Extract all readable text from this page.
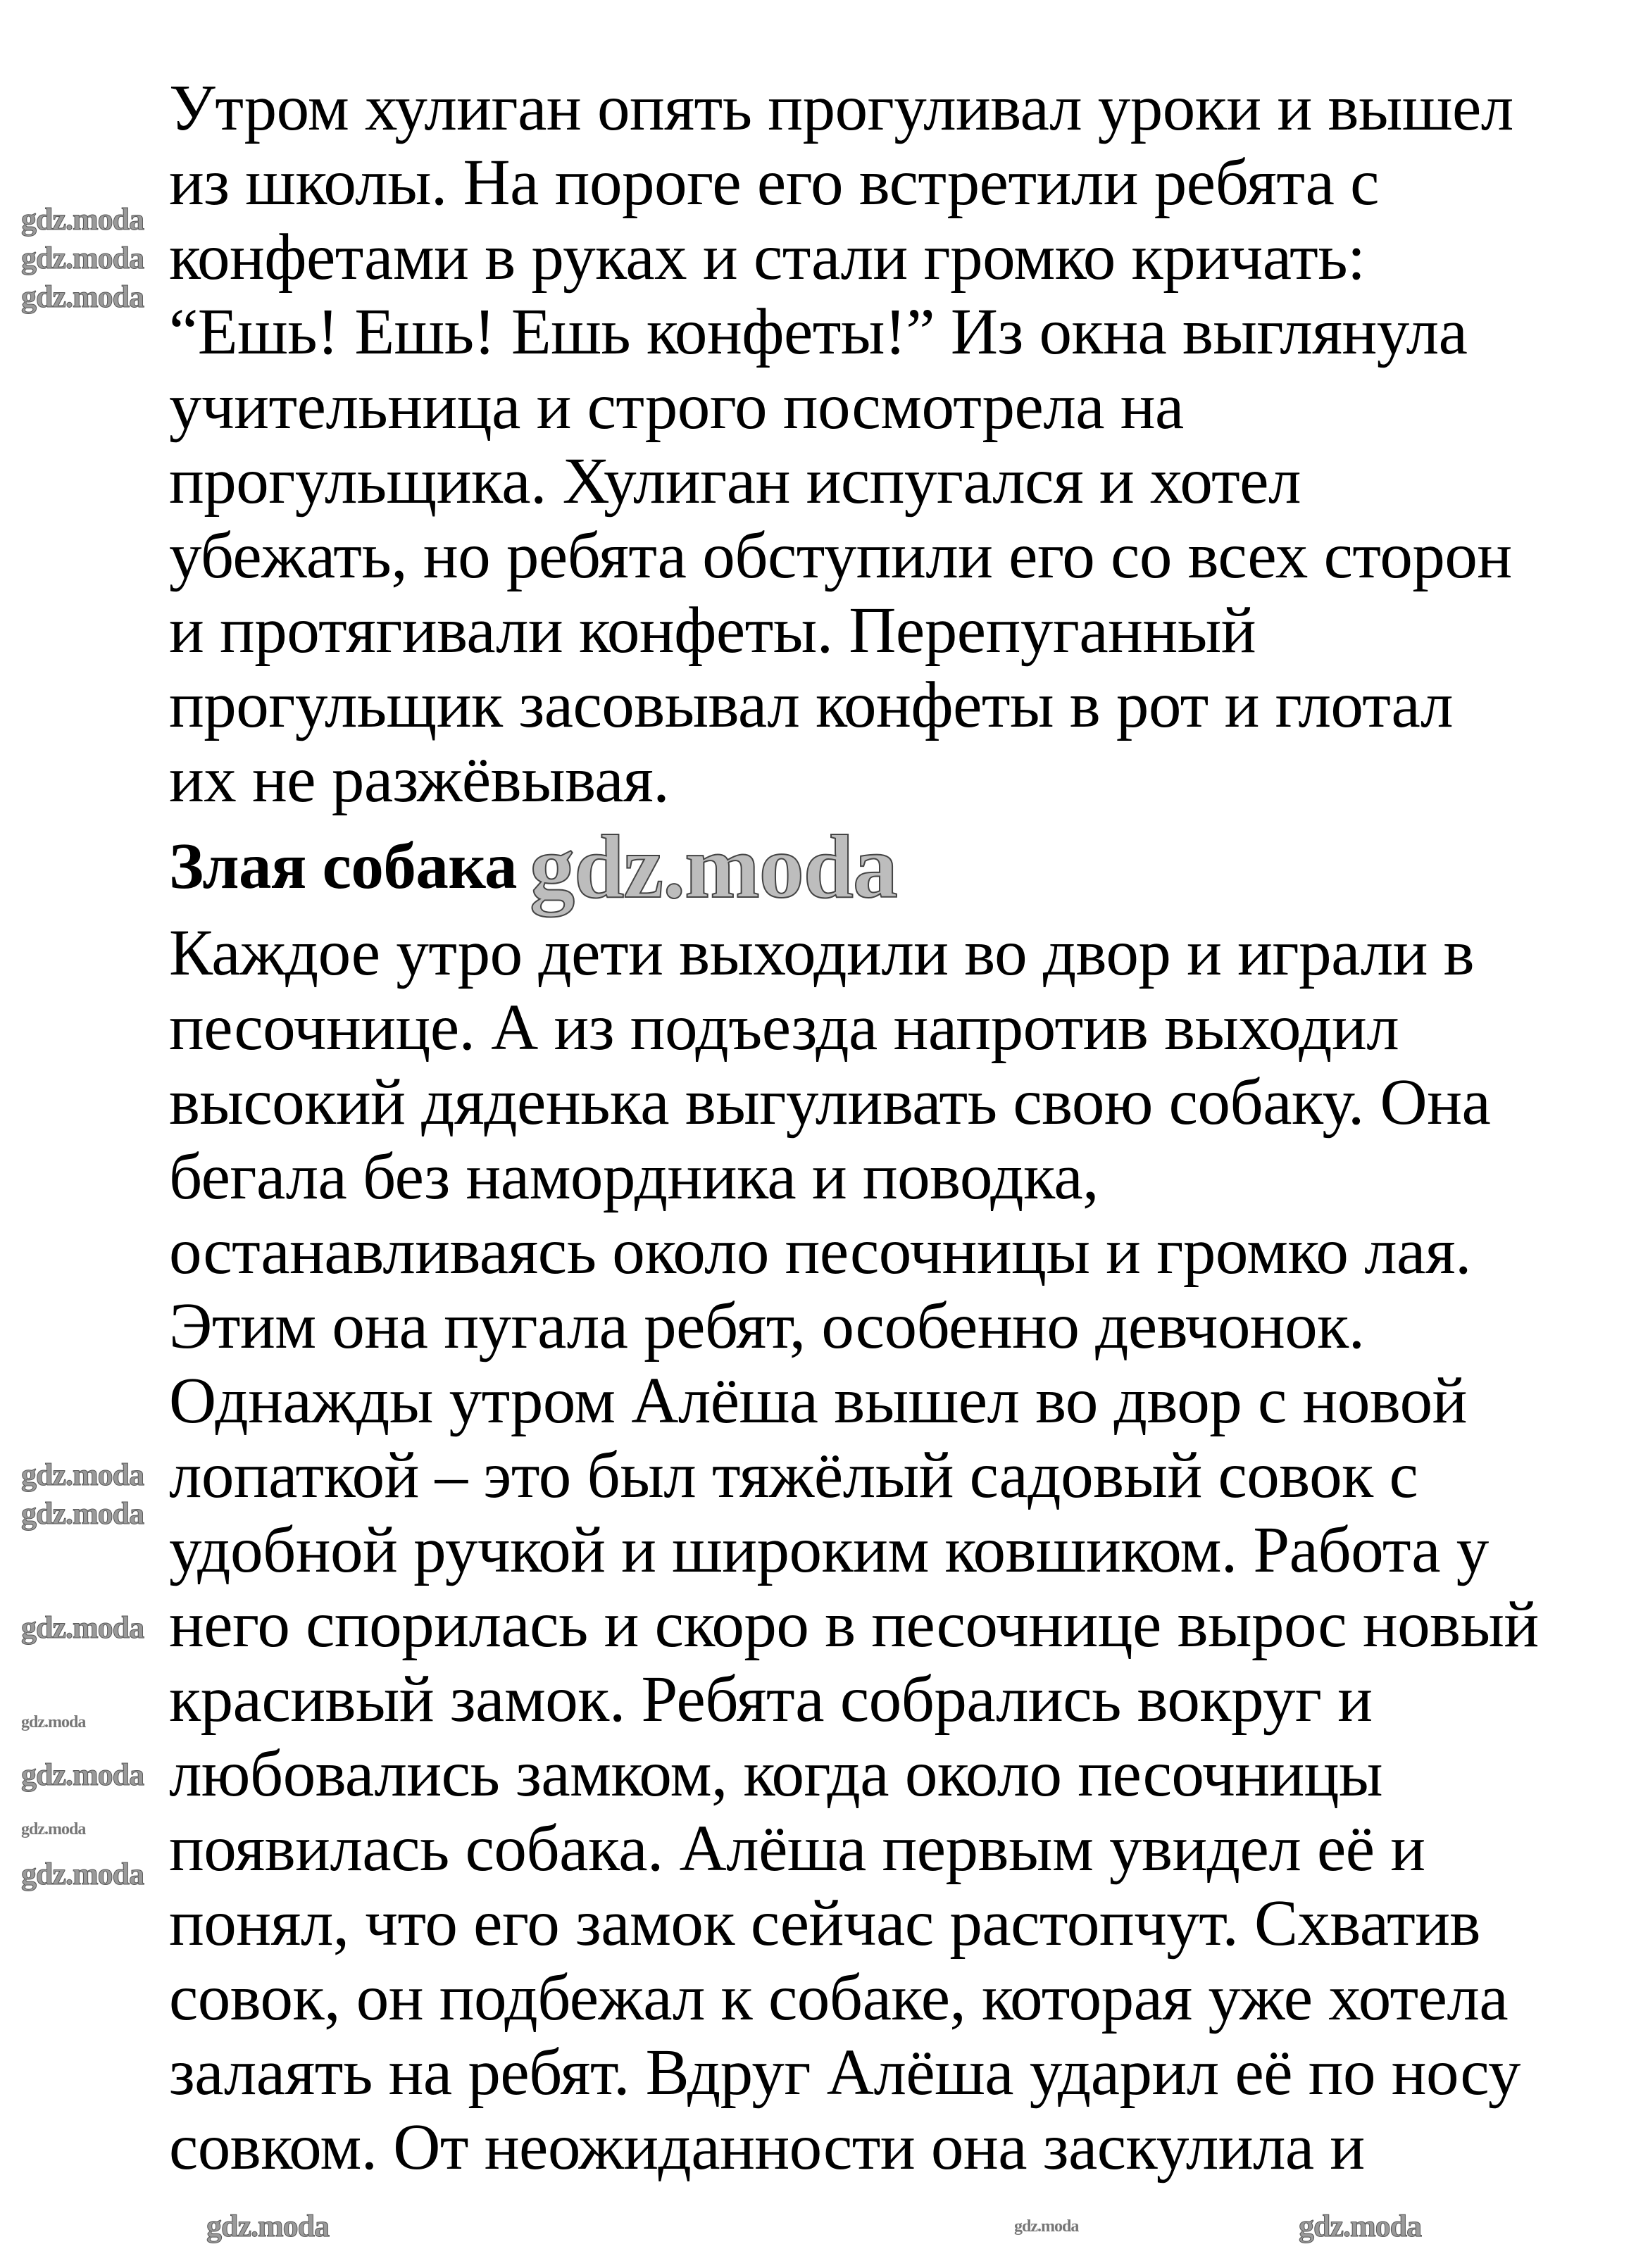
Утром хулиган опять прогуливал уроки и вышел
из школы. На пороге его встретили ребята с
конфетами в руках и стали громко кричать:
“Ешь! Ешь! Ешь конфеты!” Из окна выглянула
учительница и строго посмотрела на
прогульщика. Хулиган испугался и хотел
убежать, но ребята обступили его со всех сторон
и протягивали конфеты. Перепуганный
прогульщик засовывал конфеты в рот и глотал
их не разжёвывая.
Злая собака gdz.moda
Каждое утро дети выходили во двор и играли в
песочнице. А из подъезда напротив выходил
высокий дяденька выгуливать свою собаку. Она
бегала без намордника и поводка,
останавливаясь около песочницы и громко лая.
Этим она пугала ребят, особенно девчонок.
Однажды утром Алёша вышел во двор с новой
лопаткой – это был тяжёлый садовый совок с
удобной ручкой и широким ковшиком. Работа у
него спорилась и скоро в песочнице вырос новый
красивый замок. Ребята собрались вокруг и
любовались замком, когда около песочницы
появилась собака. Алёша первым увидел её и
понял, что его замок сейчас растопчут. Схватив
совок, он подбежал к собаке, которая уже хотела
залаять на ребят. Вдруг Алёша ударил её по носу
совком. От неожиданности она заскулила и
gdz.moda
gdz.moda
gdz.moda
gdz.moda
gdz.moda
gdz.moda
gdz.moda
gdz.moda
gdz.moda
gdz.moda
gdz.moda	gdz.moda	gdz.moda
